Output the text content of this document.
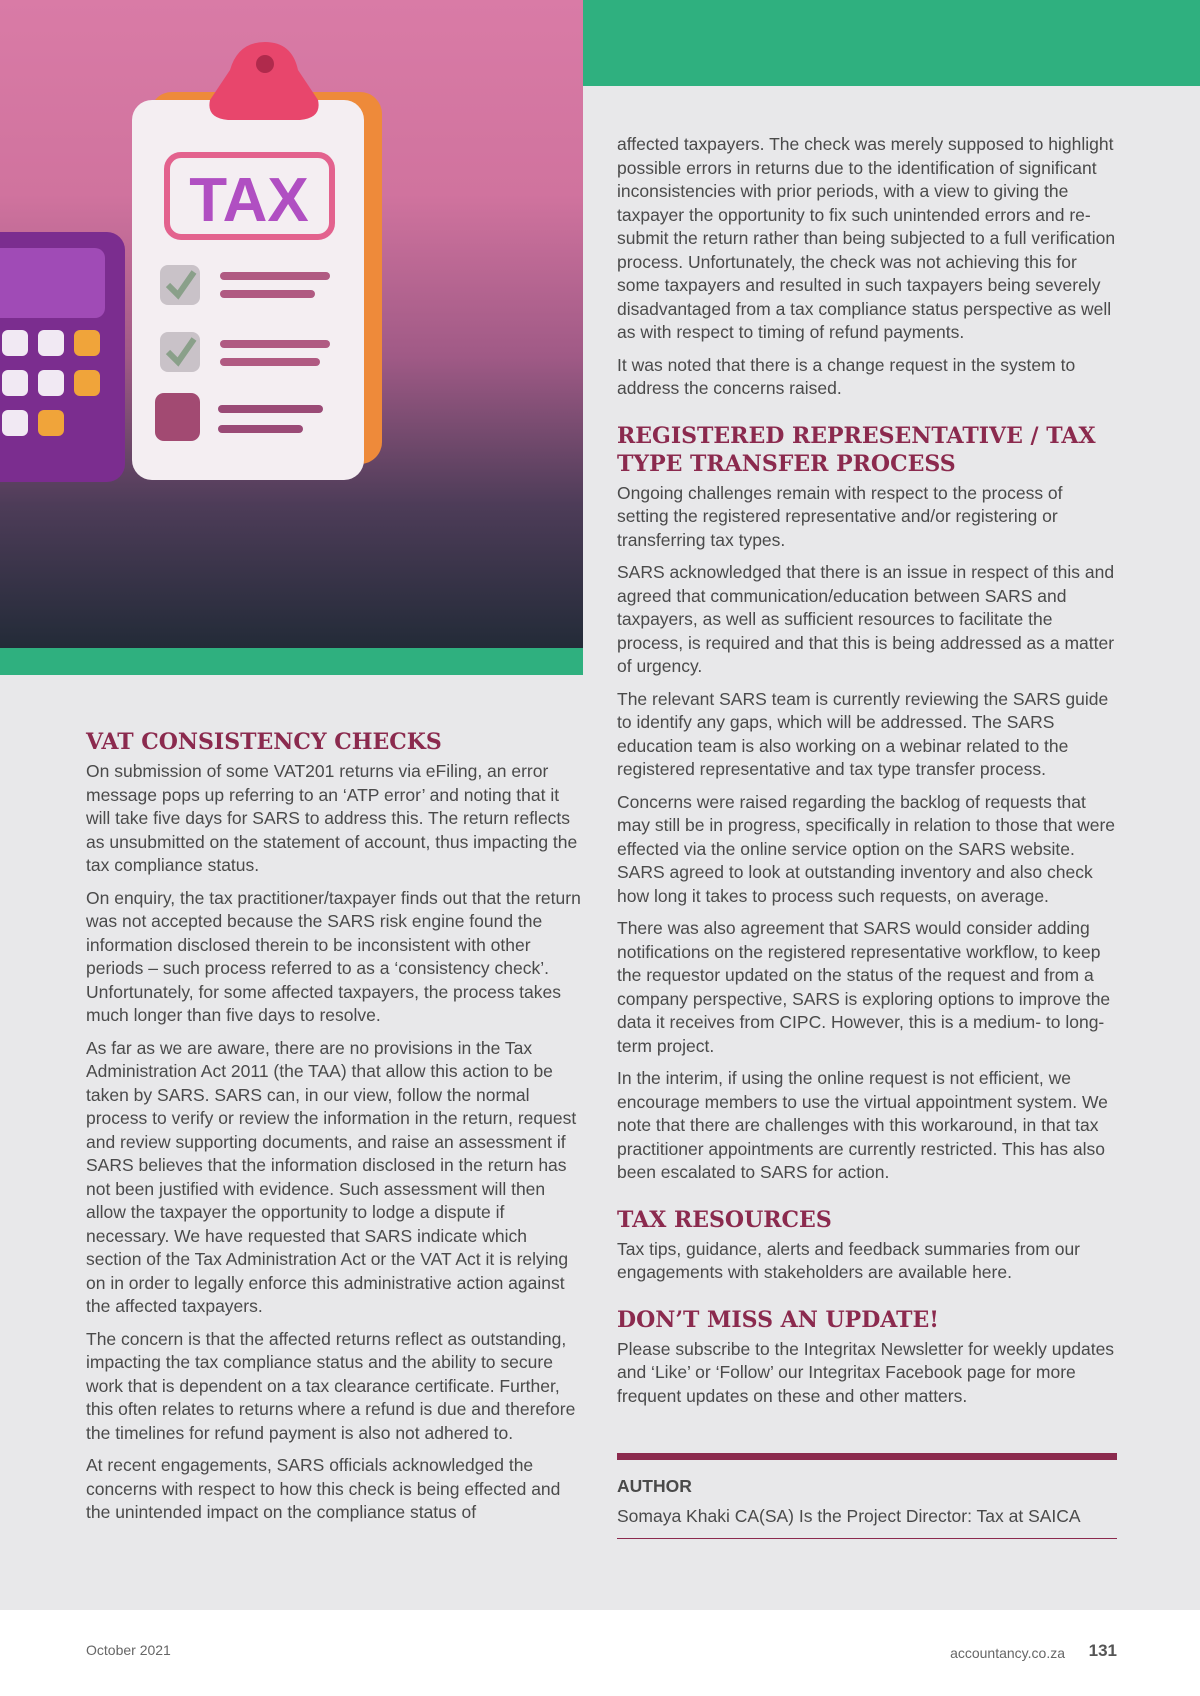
TAX
VAT CONSISTENCY CHECKS

On submission of some VAT201 returns via eFiling, an error message pops up referring to an ‘ATP error’ and noting that it will take five days for SARS to address this. The return reflects as unsubmitted on the statement of account, thus impacting the tax compliance status.

On enquiry, the tax practitioner/taxpayer finds out that the return was not accepted because the SARS risk engine found the information disclosed therein to be inconsistent with other periods – such process referred to as a ‘consistency check’. Unfortunately, for some affected taxpayers, the process takes much longer than five days to resolve.

As far as we are aware, there are no provisions in the Tax Administration Act 2011 (the TAA) that allow this action to be taken by SARS. SARS can, in our view, follow the normal process to verify or review the information in the return, request and review supporting documents, and raise an assessment if SARS believes that the information disclosed in the return has not been justified with evidence. Such assessment will then allow the taxpayer the opportunity to lodge a dispute if necessary. We have requested that SARS indicate which section of the Tax Administration Act or the VAT Act it is relying on in order to legally enforce this administrative action against the affected taxpayers.

The concern is that the affected returns reflect as outstanding, impacting the tax compliance status and the ability to secure work that is dependent on a tax clearance certificate. Further, this often relates to returns where a refund is due and therefore the timelines for refund payment is also not adhered to.

At recent engagements, SARS officials acknowledged the concerns with respect to how this check is being effected and the unintended impact on the compliance status of

affected taxpayers. The check was merely supposed to highlight possible errors in returns due to the identification of significant inconsistencies with prior periods, with a view to giving the taxpayer the opportunity to fix such unintended errors and re-submit the return rather than being subjected to a full verification process. Unfortunately, the check was not achieving this for some taxpayers and resulted in such taxpayers being severely disadvantaged from a tax compliance status perspective as well as with respect to timing of refund payments.

It was noted that there is a change request in the system to address the concerns raised.

REGISTERED REPRESENTATIVE / TAX TYPE TRANSFER PROCESS

Ongoing challenges remain with respect to the process of setting the registered representative and/or registering or transferring tax types.

SARS acknowledged that there is an issue in respect of this and agreed that communication/education between SARS and taxpayers, as well as sufficient resources to facilitate the process, is required and that this is being addressed as a matter of urgency.

The relevant SARS team is currently reviewing the SARS guide to identify any gaps, which will be addressed. The SARS education team is also working on a webinar related to the registered representative and tax type transfer process.

Concerns were raised regarding the backlog of requests that may still be in progress, specifically in relation to those that were effected via the online service option on the SARS website. SARS agreed to look at outstanding inventory and also check how long it takes to process such requests, on average.

There was also agreement that SARS would consider adding notifications on the registered representative workflow, to keep the requestor updated on the status of the request and from a company perspective, SARS is exploring options to improve the data it receives from CIPC. However, this is a medium- to long-term project.

In the interim, if using the online request is not efficient, we encourage members to use the virtual appointment system. We note that there are challenges with this workaround, in that tax practitioner appointments are currently restricted. This has also been escalated to SARS for action.

TAX RESOURCES

Tax tips, guidance, alerts and feedback summaries from our engagements with stakeholders are available here.

DON’T MISS AN UPDATE!

Please subscribe to the Integritax Newsletter for weekly updates and ‘Like’ or ‘Follow’ our Integritax Facebook page for more frequent updates on these and other matters.

AUTHOR
Somaya Khaki CA(SA) Is the Project Director: Tax at SAICA
October 2021	accountancy.co.za 131
